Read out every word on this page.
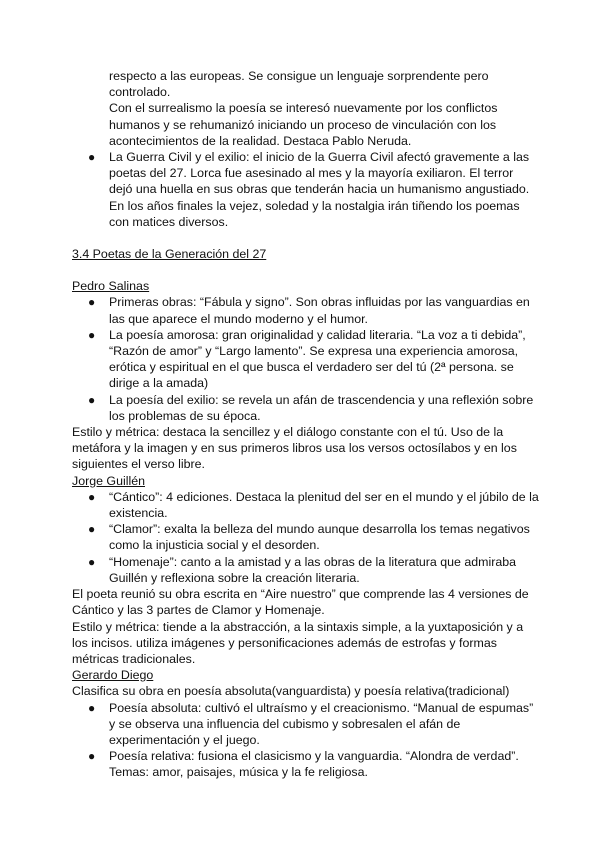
respecto a las europeas. Se consigue un lenguaje sorprendente pero controlado.

Con el surrealismo la poesía se interesó nuevamente por los conflictos humanos y se rehumanizó iniciando un proceso de vinculación con los acontecimientos de la realidad. Destaca Pablo Neruda.

● La Guerra Civil y el exilio: el inicio de la Guerra Civil afectó gravemente a las poetas del 27. Lorca fue asesinado al mes y la mayoría exiliaron. El terror dejó una huella en sus obras que tenderán hacia un humanismo angustiado. En los años finales la vejez, soledad y la nostalgia irán tiñendo los poemas con matices diversos.

3.4 Poetas de la Generación del 27

Pedro Salinas

● Primeras obras: “Fábula y signo”. Son obras influidas por las vanguardias en las que aparece el mundo moderno y el humor.
● La poesía amorosa: gran originalidad y calidad literaria. “La voz a ti debida”, “Razón de amor” y “Largo lamento”. Se expresa una experiencia amorosa, erótica y espiritual en el que busca el verdadero ser del tú (2ª persona. se dirige a la amada)
● La poesía del exilio: se revela un afán de trascendencia y una reflexión sobre los problemas de su época.

Estilo y métrica: destaca la sencillez y el diálogo constante con el tú. Uso de la metáfora y la imagen y en sus primeros libros usa los versos octosílabos y en los siguientes el verso libre.

Jorge Guillén

● “Cántico”: 4 ediciones. Destaca la plenitud del ser en el mundo y el júbilo de la existencia.
● “Clamor”: exalta la belleza del mundo aunque desarrolla los temas negativos como la injusticia social y el desorden.
● “Homenaje”: canto a la amistad y a las obras de la literatura que admiraba Guillén y reflexiona sobre la creación literaria.

El poeta reunió su obra escrita en “Aire nuestro” que comprende las 4 versiones de Cántico y las 3 partes de Clamor y Homenaje.

Estilo y métrica: tiende a la abstracción, a la sintaxis simple, a la yuxtaposición y a los incisos. utiliza imágenes y personificaciones además de estrofas y formas métricas tradicionales.

Gerardo Diego

Clasifica su obra en poesía absoluta(vanguardista) y poesía relativa(tradicional)

● Poesía absoluta: cultivó el ultraísmo y el creacionismo. “Manual de espumas” y se observa una influencia del cubismo y sobresalen el afán de experimentación y el juego.
● Poesía relativa: fusiona el clasicismo y la vanguardia. “Alondra de verdad”. Temas: amor, paisajes, música y la fe religiosa.
